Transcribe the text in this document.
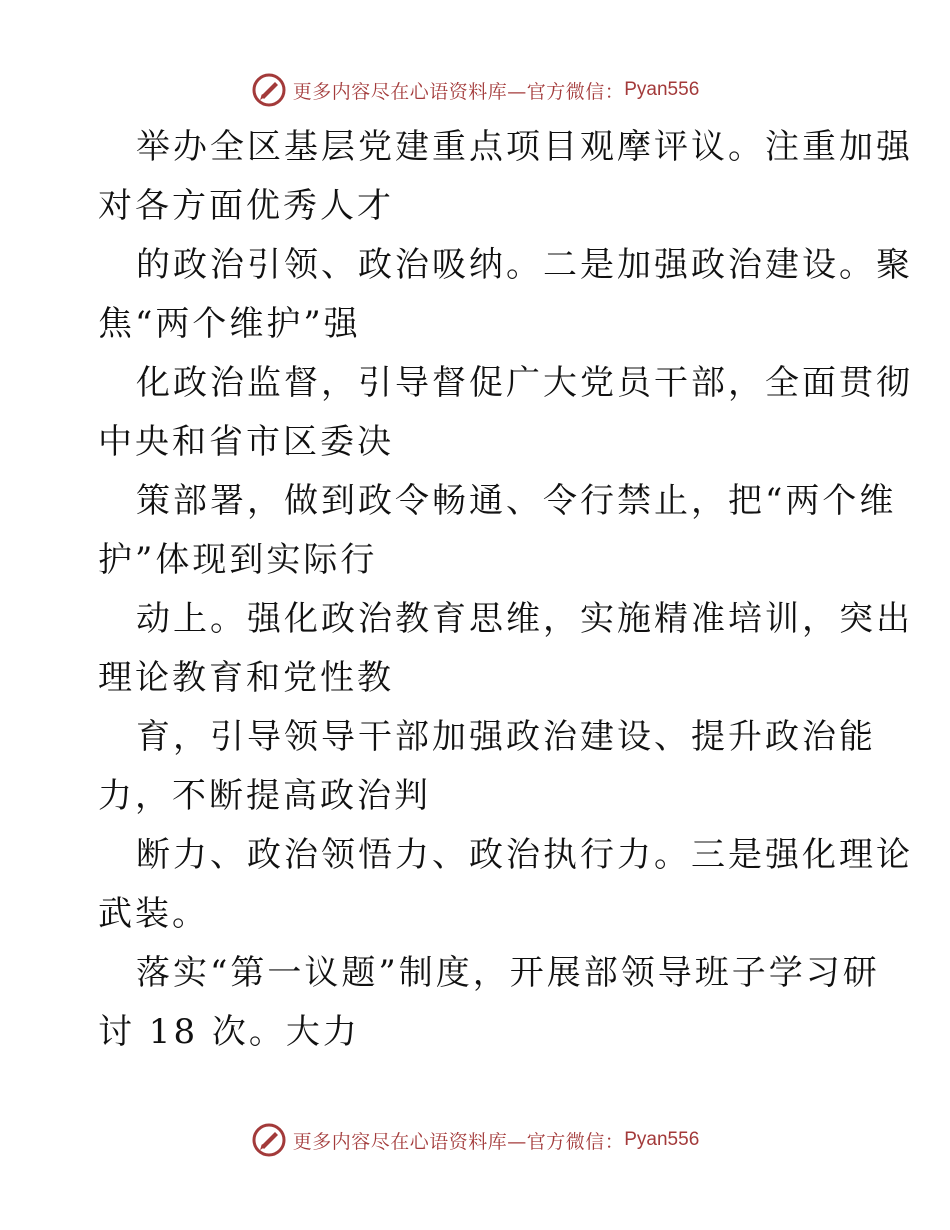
更多内容尽在心语资料库—官方微信： Pyan556
举办全区基层党建重点项目观摩评议。注重加强
对各方面优秀人才
的政治引领、政治吸纳。二是加强政治建设。聚
焦“两个维护”强
化政治监督，引导督促广大党员干部，全面贯彻
中央和省市区委决
策部署，做到政令畅通、令行禁止，把“两个维
护”体现到实际行
动上。强化政治教育思维，实施精准培训，突出
理论教育和党性教
育，引导领导干部加强政治建设、提升政治能
力，不断提高政治判
断力、政治领悟力、政治执行力。三是强化理论
武装。
落实“第一议题”制度，开展部领导班子学习研
讨 18 次。大力
更多内容尽在心语资料库—官方微信： Pyan556
